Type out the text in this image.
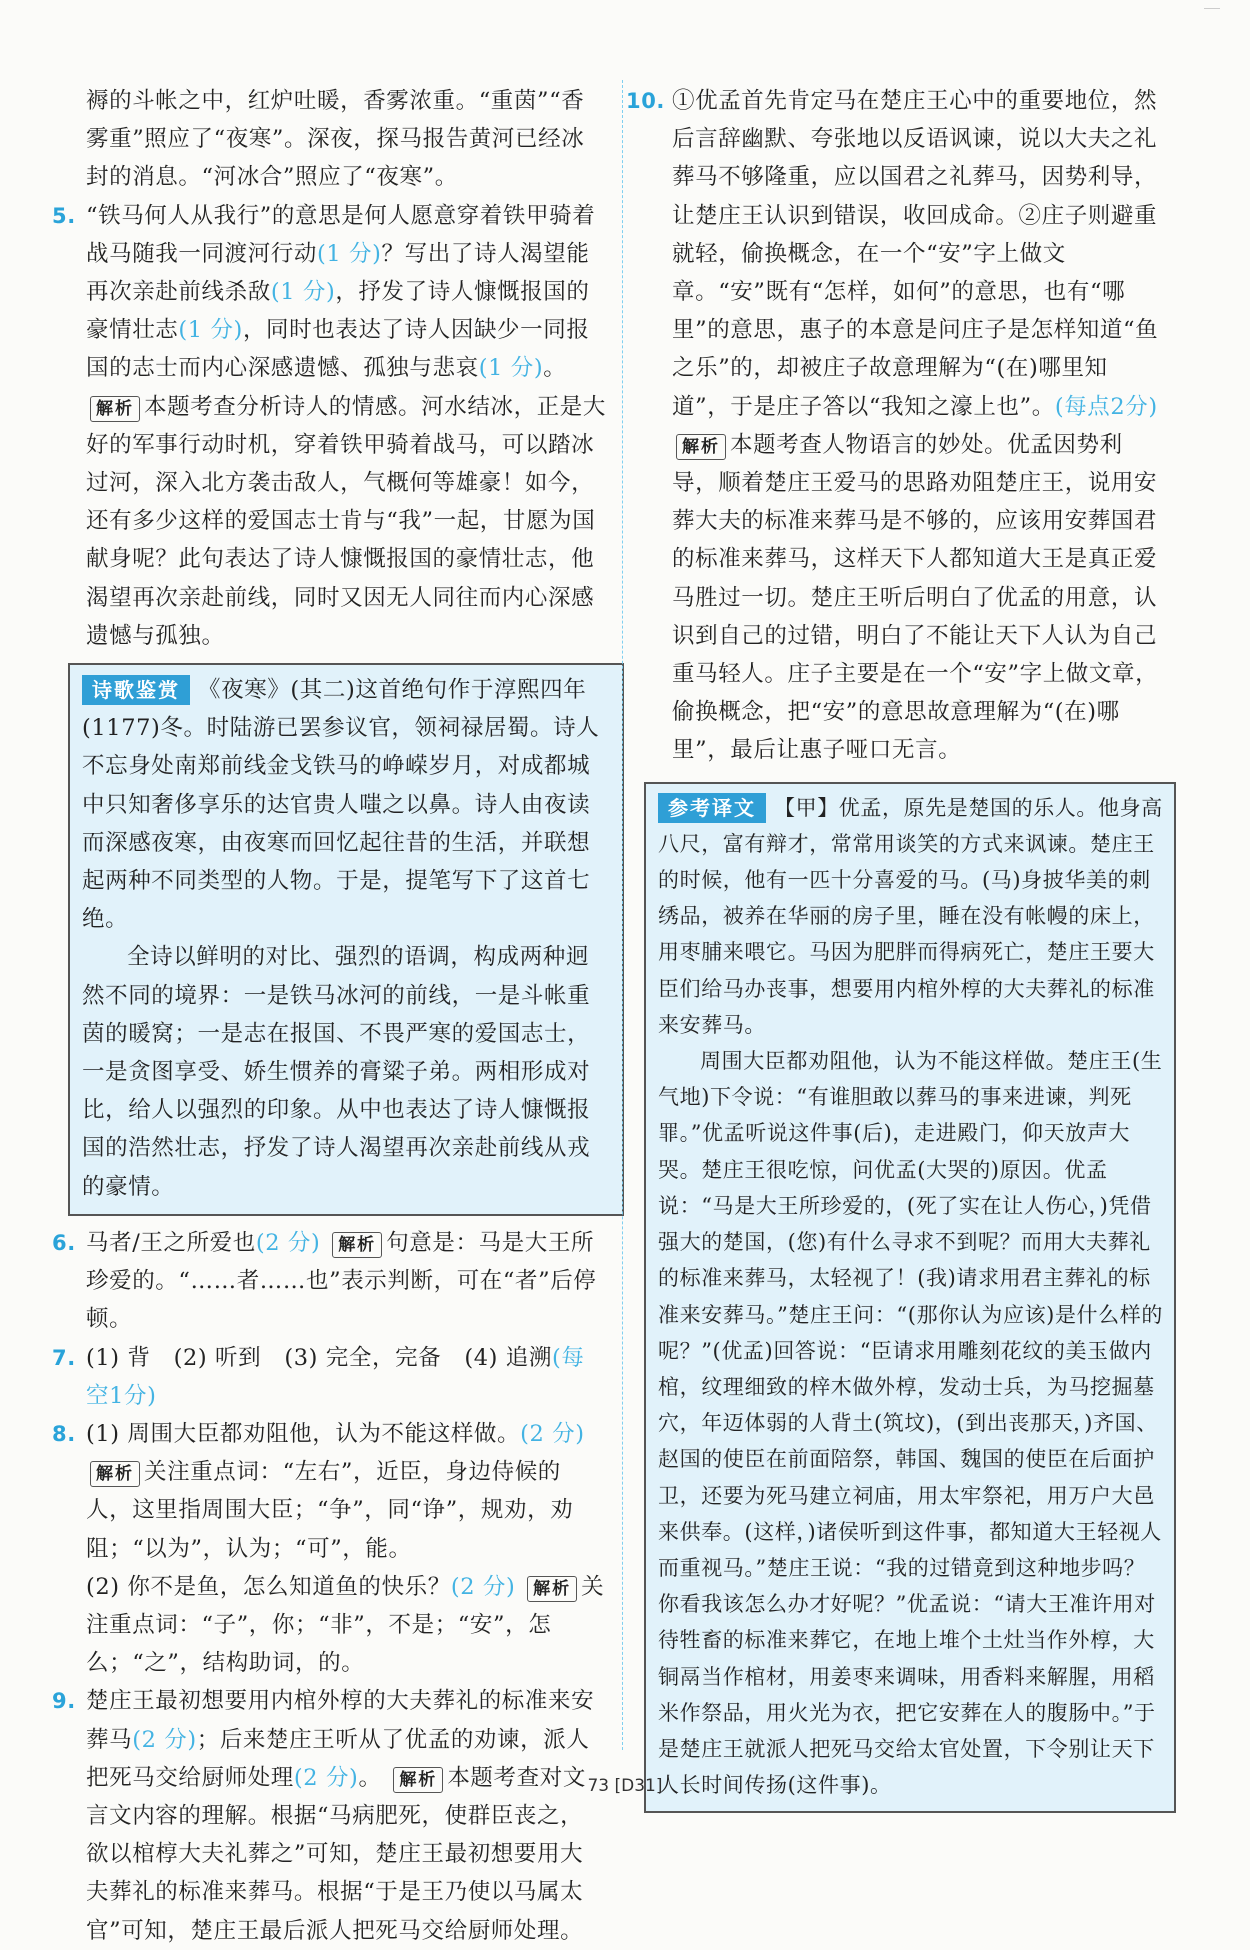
褥的斗帐之中，红炉吐暖，香雾浓重。“重茵”“香雾重”照应了“夜寒”。深夜，探马报告黄河已经冰封的消息。“河冰合”照应了“夜寒”。

5. “铁马何人从我行”的意思是何人愿意穿着铁甲骑着战马随我一同渡河行动(1 分)？写出了诗人渴望能再次亲赴前线杀敌(1 分)，抒发了诗人慷慨报国的豪情壮志(1 分)，同时也表达了诗人因缺少一同报国的志士而内心深感遗憾、孤独与悲哀(1 分)。 解析 本题考查分析诗人的情感。河水结冰，正是大好的军事行动时机，穿着铁甲骑着战马，可以踏冰过河，深入北方袭击敌人，气概何等雄豪！如今，还有多少这样的爱国志士肯与“我”一起，甘愿为国献身呢？此句表达了诗人慷慨报国的豪情壮志，他渴望再次亲赴前线，同时又因无人同往而内心深感遗憾与孤独。

诗歌鉴赏 《夜寒》(其二)这首绝句作于淳熙四年(1177)冬。时陆游已罢参议官，领祠禄居蜀。诗人不忘身处南郑前线金戈铁马的峥嵘岁月，对成都城中只知奢侈享乐的达官贵人嗤之以鼻。诗人由夜读而深感夜寒，由夜寒而回忆起往昔的生活，并联想起两种不同类型的人物。于是，提笔写下了这首七绝。

全诗以鲜明的对比、强烈的语调，构成两种迥然不同的境界：一是铁马冰河的前线，一是斗帐重茵的暖窝；一是志在报国、不畏严寒的爱国志士，一是贪图享受、娇生惯养的膏粱子弟。两相形成对比，给人以强烈的印象。从中也表达了诗人慷慨报国的浩然壮志，抒发了诗人渴望再次亲赴前线从戎的豪情。

6. 马者/王之所爱也(2 分) 解析 句意是：马是大王所珍爱的。“……者……也”表示判断，可在“者”后停顿。

7. (1) 背　(2) 听到　(3) 完全，完备　(4) 追溯(每空1分)

8. (1) 周围大臣都劝阻他，认为不能这样做。(2 分)

解析 关注重点词：“左右”，近臣，身边侍候的人，这里指周围大臣；“争”，同“诤”，规劝，劝阻；“以为”，认为；“可”，能。

(2) 你不是鱼，怎么知道鱼的快乐？(2 分) 解析 关注重点词：“子”，你；“非”，不是；“安”，怎么；“之”，结构助词，的。

9. 楚庄王最初想要用内棺外椁的大夫葬礼的标准来安葬马(2 分)；后来楚庄王听从了优孟的劝谏，派人把死马交给厨师处理(2 分)。 解析 本题考查对文言文内容的理解。根据“马病肥死，使群臣丧之，欲以棺椁大夫礼葬之”可知，楚庄王最初想要用大夫葬礼的标准来葬马。根据“于是王乃使以马属太官”可知，楚庄王最后派人把死马交给厨师处理。

10. ①优孟首先肯定马在楚庄王心中的重要地位，然后言辞幽默、夸张地以反语讽谏，说以大夫之礼葬马不够隆重，应以国君之礼葬马，因势利导，让楚庄王认识到错误，收回成命。②庄子则避重就轻，偷换概念，在一个“安”字上做文章。“安”既有“怎样，如何”的意思，也有“哪里”的意思，惠子的本意是问庄子是怎样知道“鱼之乐”的，却被庄子故意理解为“(在)哪里知道”，于是庄子答以“我知之濠上也”。(每点2分) 解析 本题考查人物语言的妙处。优孟因势利导，顺着楚庄王爱马的思路劝阻楚庄王，说用安葬大夫的标准来葬马是不够的，应该用安葬国君的标准来葬马，这样天下人都知道大王是真正爱马胜过一切。楚庄王听后明白了优孟的用意，认识到自己的过错，明白了不能让天下人认为自己重马轻人。庄子主要是在一个“安”字上做文章，偷换概念，把“安”的意思故意理解为“(在)哪里”，最后让惠子哑口无言。

参考译文 【甲】优孟，原先是楚国的乐人。他身高八尺，富有辩才，常常用谈笑的方式来讽谏。楚庄王的时候，他有一匹十分喜爱的马。(马)身披华美的刺绣品，被养在华丽的房子里，睡在没有帐幔的床上，用枣脯来喂它。马因为肥胖而得病死亡，楚庄王要大臣们给马办丧事，想要用内棺外椁的大夫葬礼的标准来安葬马。

周围大臣都劝阻他，认为不能这样做。楚庄王(生气地)下令说：“有谁胆敢以葬马的事来进谏，判死罪。”优孟听说这件事(后)，走进殿门，仰天放声大哭。楚庄王很吃惊，问优孟(大哭的)原因。优孟说：“马是大王所珍爱的，(死了实在让人伤心，)凭借强大的楚国，(您)有什么寻求不到呢？而用大夫葬礼的标准来葬马，太轻视了！(我)请求用君主葬礼的标准来安葬马。”楚庄王问：“(那你认为应该)是什么样的呢？”(优孟)回答说：“臣请求用雕刻花纹的美玉做内棺，纹理细致的梓木做外椁，发动士兵，为马挖掘墓穴，年迈体弱的人背土(筑坟)，(到出丧那天，)齐国、赵国的使臣在前面陪祭，韩国、魏国的使臣在后面护卫，还要为死马建立祠庙，用太牢祭祀，用万户大邑来供奉。(这样，)诸侯听到这件事，都知道大王轻视人而重视马。”楚庄王说：“我的过错竟到这种地步吗？你看我该怎么办才好呢？”优孟说：“请大王准许用对待牲畜的标准来葬它，在地上堆个土灶当作外椁，大铜鬲当作棺材，用姜枣来调味，用香料来解腥，用稻米作祭品，用火光为衣，把它安葬在人的腹肠中。”于是楚庄王就派人把死马交给太官处置，下令别让天下人长时间传扬(这件事)。

73 [D31]
